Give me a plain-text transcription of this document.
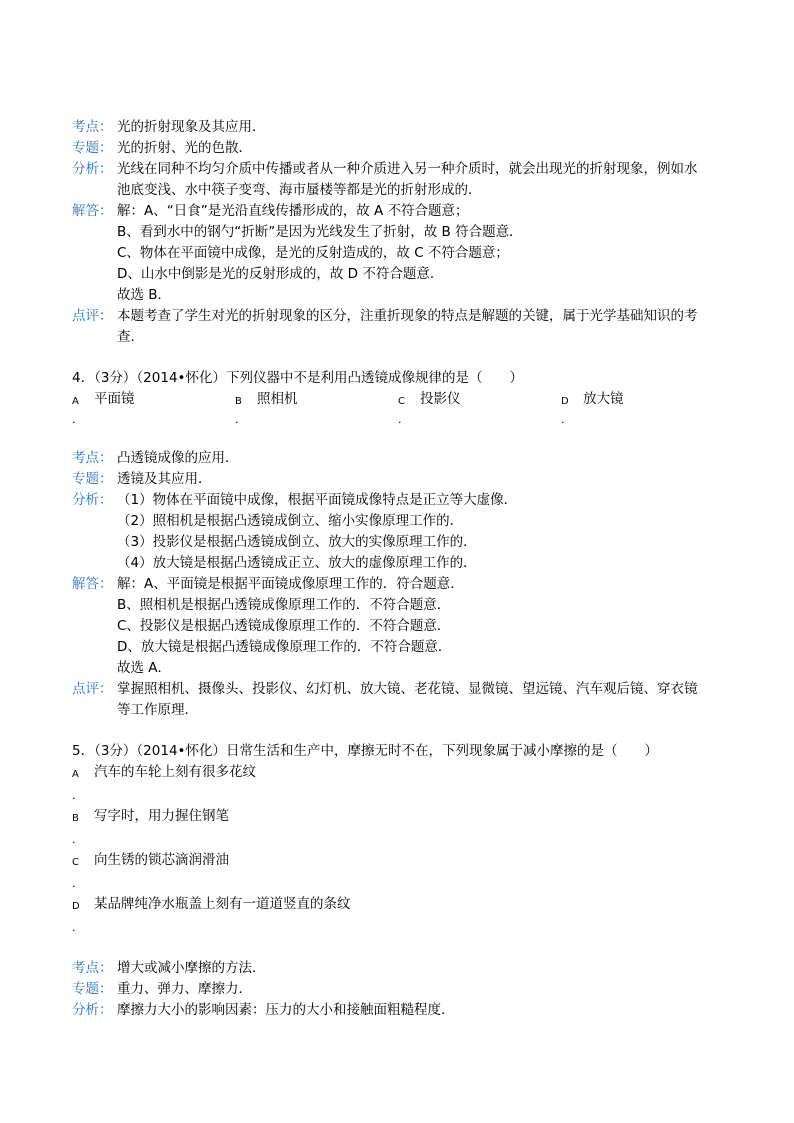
考点： 光的折射现象及其应用．
专题： 光的折射、光的色散．
分析： 光线在同种不均匀介质中传播或者从一种介质进入另一种介质时，就会出现光的折射现象，例如水
池底变浅、水中筷子变弯、海市蜃楼等都是光的折射形成的．
解答： 解：A、“日食”是光沿直线传播形成的，故 A 不符合题意；
B、看到水中的钢勺“折断”是因为光线发生了折射，故 B 符合题意．
C、物体在平面镜中成像，是光的反射造成的，故 C 不符合题意；
D、山水中倒影是光的反射形成的，故 D 不符合题意．
故选 B．
点评： 本题考查了学生对光的折射现象的区分，注重折现象的特点是解题的关键，属于光学基础知识的考
查．
4．（3分）（2014•怀化）下列仪器中不是利用凸透镜成像规律的是（　　）
A	平面镜	B	照相机	C	投影仪	D	放大镜
.	.	.	.
考点： 凸透镜成像的应用．
专题： 透镜及其应用．
分析： （1）物体在平面镜中成像，根据平面镜成像特点是正立等大虚像．
（2）照相机是根据凸透镜成倒立、缩小实像原理工作的．
（3）投影仪是根据凸透镜成倒立、放大的实像原理工作的．
（4）放大镜是根据凸透镜成正立、放大的虚像原理工作的．
解答： 解：A、平面镜是根据平面镜成像原理工作的．符合题意．
B、照相机是根据凸透镜成像原理工作的．不符合题意．
C、投影仪是根据凸透镜成像原理工作的．不符合题意．
D、放大镜是根据凸透镜成像原理工作的．不符合题意．
故选 A．
点评： 掌握照相机、摄像头、投影仪、幻灯机、放大镜、老花镜、显微镜、望远镜、汽车观后镜、穿衣镜
等工作原理．
5．（3分）（2014•怀化）日常生活和生产中，摩擦无时不在，下列现象属于减小摩擦的是（　　）
A	汽车的车轮上刻有很多花纹
.
B	写字时，用力握住钢笔
.
C	向生锈的锁芯滴润滑油
.
D	某品牌纯净水瓶盖上刻有一道道竖直的条纹
.
考点： 增大或减小摩擦的方法．
专题： 重力、弹力、摩擦力．
分析： 摩擦力大小的影响因素：压力的大小和接触面粗糙程度．
